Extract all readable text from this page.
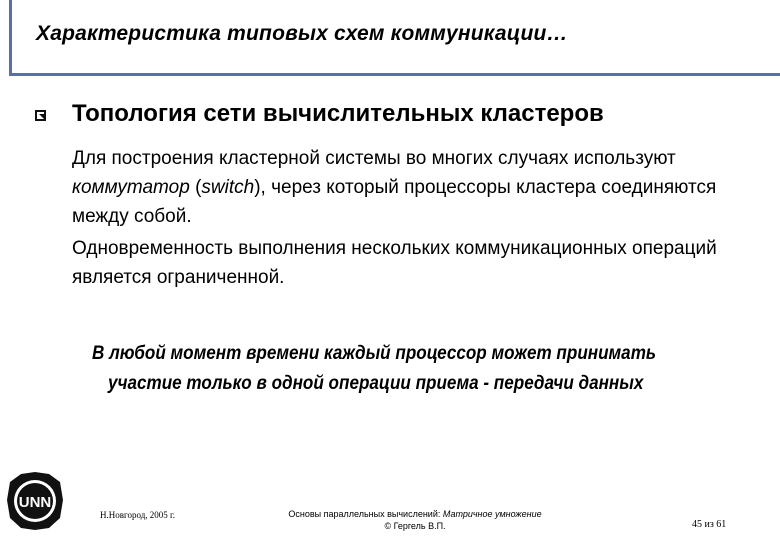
Характеристика типовых схем коммуникации…
Топология сети вычислительных кластеров

Для построения кластерной системы во многих случаях используют коммутатор (switch), через который процессоры кластера соединяются между собой.

Одновременность выполнения нескольких коммуникационных операций является ограниченной.

В любой момент времени каждый процессор может принимать

участие только в одной операции приема - передачи данных

UNN

Н.Новгород, 2005 г.	Основы параллельных вычислений: Матричное умножение
© Гергель В.П.	45 из 61
